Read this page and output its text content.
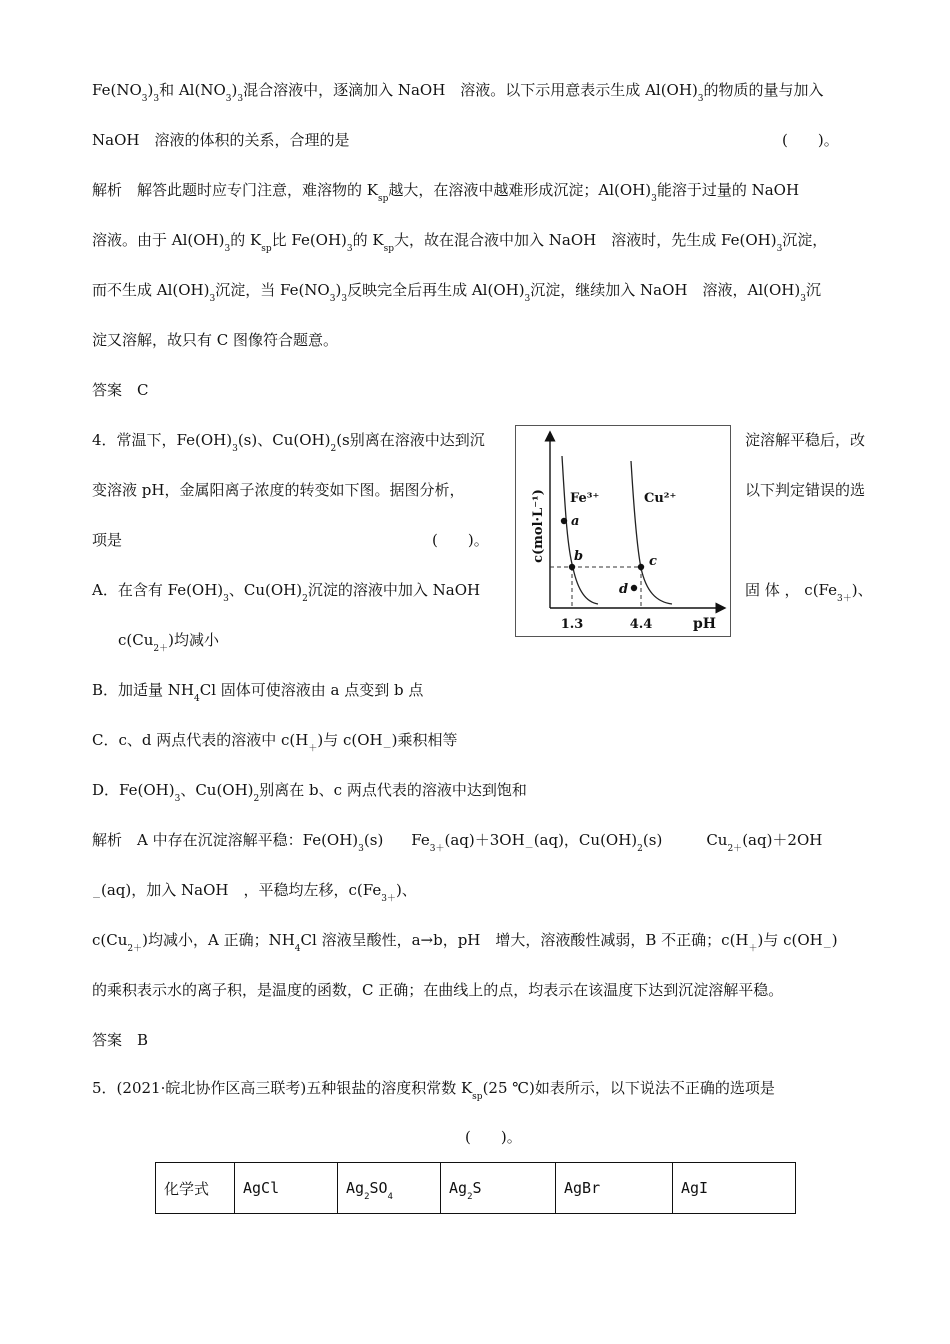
$Fe(NO_3)_3$和 $Al(NO_3)_3$混合溶液中，逐滴加入 NaOH　溶液。以下示用意表示生成 $Al(OH)_3$的物质的量与加入
NaOH　溶液的体积的关系，合理的是	(　　)。
解析　解答此题时应专门注意，难溶物的 $K_{sp}$越大，在溶液中越难形成沉淀；$Al(OH)_3$能溶于过量的 NaOH
溶液。由于 $Al(OH)_3$的 $K_{sp}$比 $Fe(OH)_3$的 $K_{sp}$大，故在混合液中加入 NaOH　溶液时，先生成 $Fe(OH)_3$沉淀，
而不生成 $Al(OH)_3$沉淀，当 $Fe(NO_3)_3$反映完全后再生成 $Al(OH)_3$沉淀，继续加入 NaOH　溶液，$Al(OH)_3$沉
淀又溶解，故只有 C 图像符合题意。
答案　C
4．常温下，$Fe(OH)_3(s)$、$Cu(OH)_2(s$别离在溶液中达到沉	淀溶解平稳后，改
变溶液 pH，金属阳离子浓度的转变如下图。据图分析，	以下判定错误的选
项是	(　　)。
A．在含有 $Fe(OH)_3$、$Cu(OH)_2$沉淀的溶液中加入 NaOH	固 体 ， $c(Fe_{3+})$、
$c(Cu_{2+})$均减小
B．加适量 $NH_4Cl$ 固体可使溶液由 a 点变到 b 点
C．c、d 两点代表的溶液中 $c(H_+)$与 $c(OH_-)$乘积相等
D．$Fe(OH)_3$、$Cu(OH)_2$别离在 b、c 两点代表的溶液中达到饱和
解析　A 中存在沉淀溶解平稳：$Fe(OH)_3(s)$ $Fe_{3+}(aq)+3OH_-(aq)$，$Cu(OH)_2(s)$	$Cu_{2+}(aq)+2OH$
$_-$(aq)，加入 NaOH　，平稳均左移，$c(Fe_{3+})$、
$c(Cu_{2+})$均减小，A 正确；$NH_4Cl$ 溶液呈酸性，a→b，pH　增大，溶液酸性减弱，B 不正确；$c(H_+)$与 $c(OH_-)$
的乘积表示水的离子积，是温度的函数，C 正确；在曲线上的点，均表示在该温度下达到沉淀溶解平稳。
答案　B
c(mol·L⁻¹)
pH
Fe³⁺	Cu²⁺
a
b	c
d
1.3	4.4
5．(2021·皖北协作区高三联考)五种银盐的溶度积常数 $K_{sp}(25$ ℃)如表所示，以下说法不正确的选项是
(　　)。
化学式	AgCl	$Ag_2SO_4$	$Ag_2S$	AgBr	AgI
